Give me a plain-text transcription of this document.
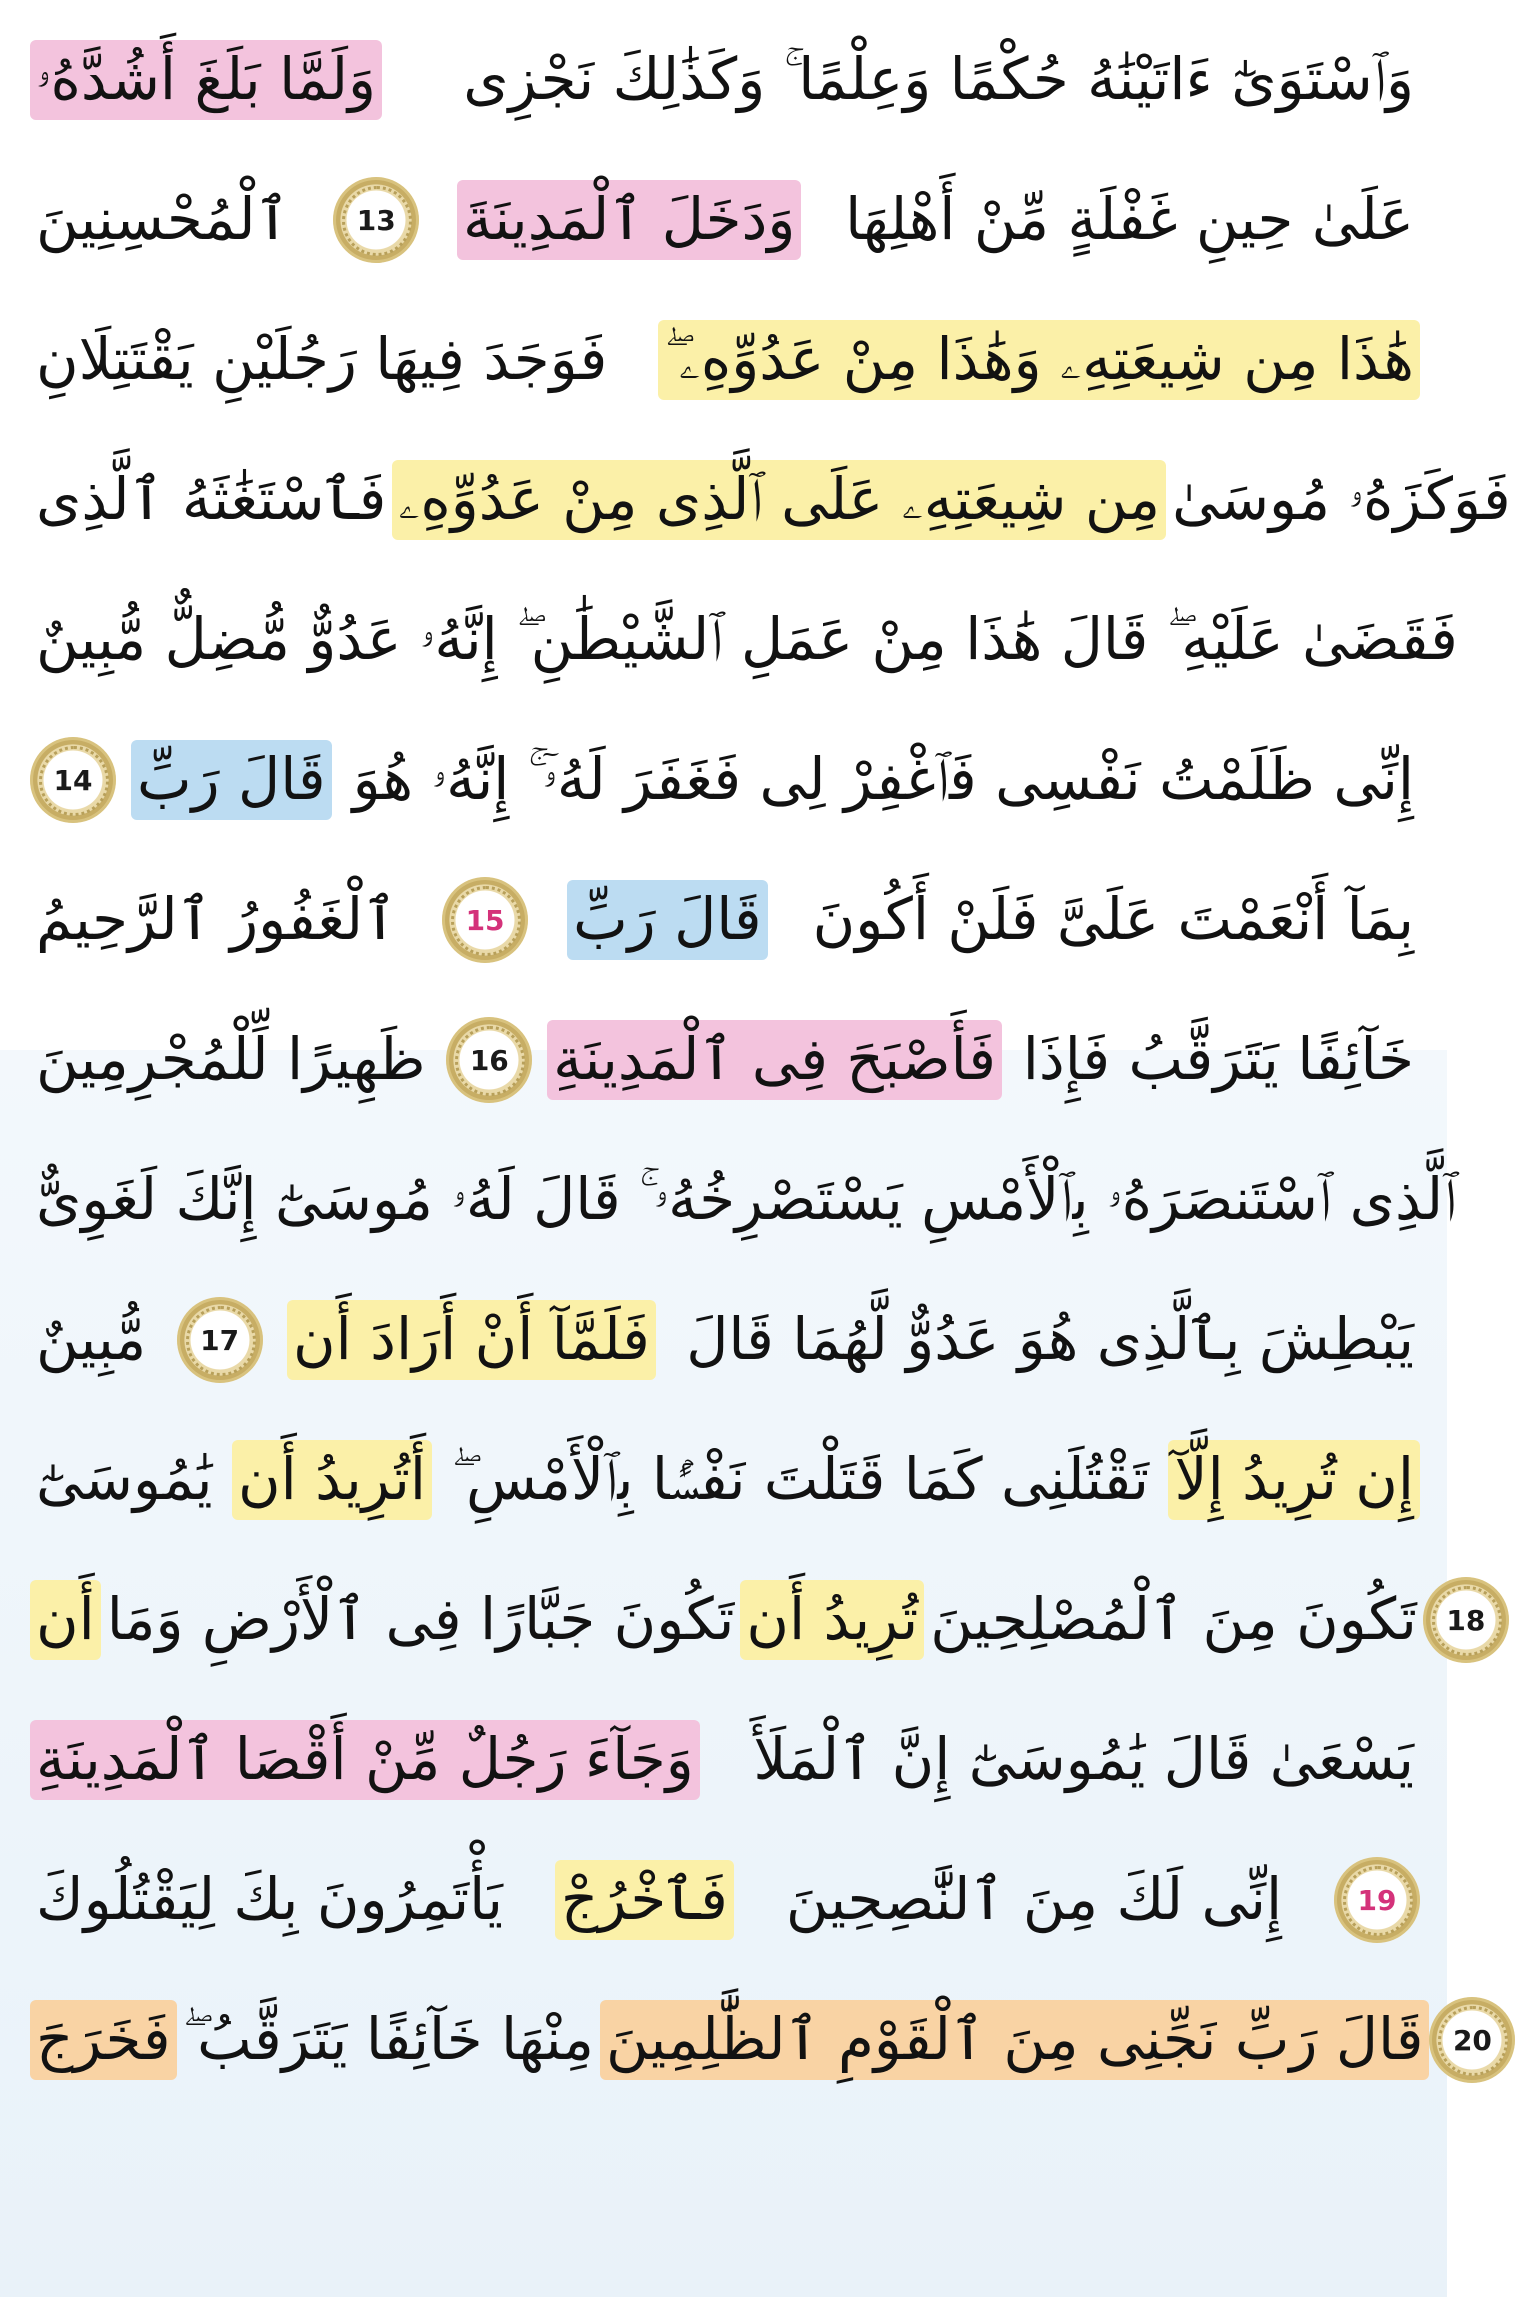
وَلَمَّا بَلَغَ أَشُدَّهُۥ وَٱسْتَوَىٰٓ ءَاتَيْنَٰهُ حُكْمًا وَعِلْمًا ۚ وَكَذَٰلِكَ نَجْزِى
ٱلْمُحْسِنِينَ	13	وَدَخَلَ ٱلْمَدِينَةَ عَلَىٰ حِينِ غَفْلَةٍ مِّنْ أَهْلِهَا
فَوَجَدَ فِيهَا رَجُلَيْنِ يَقْتَتِلَانِ هَٰذَا مِن شِيعَتِهِۦ وَهَٰذَا مِنْ عَدُوِّهِۦ ۖ
فَٱسْتَغَٰثَهُ ٱلَّذِى مِن شِيعَتِهِۦ عَلَى ٱلَّذِى مِنْ عَدُوِّهِۦ فَوَكَزَهُۥ مُوسَىٰ
فَقَضَىٰ عَلَيْهِ ۖ قَالَ هَٰذَا مِنْ عَمَلِ ٱلشَّيْطَٰنِ ۖ إِنَّهُۥ عَدُوٌّ مُّضِلٌّ مُّبِينٌ
14 قَالَ رَبِّ إِنِّى ظَلَمْتُ نَفْسِى فَٱغْفِرْ لِى فَغَفَرَ لَهُۥٓ ۚ إِنَّهُۥ هُوَ
ٱلْغَفُورُ ٱلرَّحِيمُ	15	قَالَ رَبِّ بِمَآ أَنْعَمْتَ عَلَىَّ فَلَنْ أَكُونَ
ظَهِيرًا لِّلْمُجْرِمِينَ	16 فَأَصْبَحَ فِى ٱلْمَدِينَةِ خَآئِفًا يَتَرَقَّبُ فَإِذَا
ٱلَّذِى ٱسْتَنصَرَهُۥ بِٱلْأَمْسِ يَسْتَصْرِخُهُۥ ۚ قَالَ لَهُۥ مُوسَىٰٓ إِنَّكَ لَغَوِىٌّ
مُّبِينٌ	17 فَلَمَّآ أَنْ أَرَادَ أَن يَبْطِشَ بِٱلَّذِى هُوَ عَدُوٌّ لَّهُمَا قَالَ
يَٰمُوسَىٰٓ أَتُرِيدُ أَن تَقْتُلَنِى كَمَا قَتَلْتَ نَفْسًۢا بِٱلْأَمْسِ ۖ إِن تُرِيدُ إِلَّآ
أَن تَكُونَ جَبَّارًا فِى ٱلْأَرْضِ وَمَا تُرِيدُ أَن تَكُونَ مِنَ ٱلْمُصْلِحِينَ	18
وَجَآءَ رَجُلٌ مِّنْ أَقْصَا ٱلْمَدِينَةِ يَسْعَىٰ قَالَ يَٰمُوسَىٰٓ إِنَّ ٱلْمَلَأَ
يَأْتَمِرُونَ بِكَ لِيَقْتُلُوكَ فَٱخْرُجْ إِنِّى لَكَ مِنَ ٱلنَّٰصِحِينَ	19
فَخَرَجَ مِنْهَا خَآئِفًا يَتَرَقَّبُ ۖ قَالَ رَبِّ نَجِّنِى مِنَ ٱلْقَوْمِ ٱلظَّٰلِمِينَ	20
